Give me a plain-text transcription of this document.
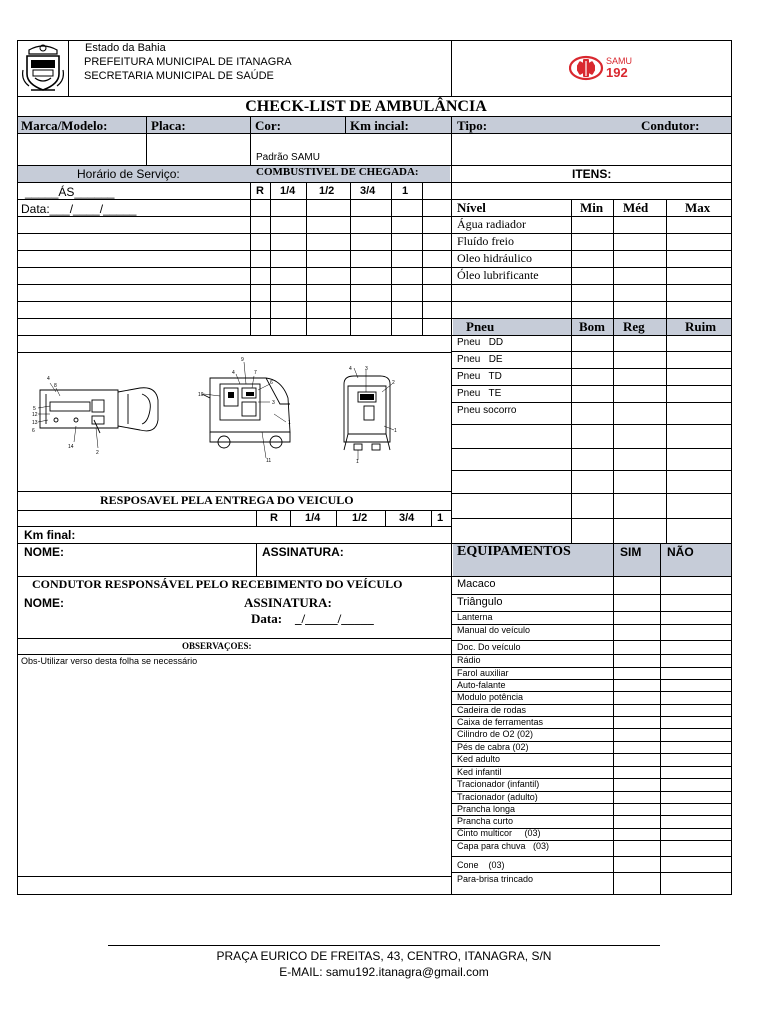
Estado da Bahia
PREFEITURA MUNICIPAL DE ITANAGRA
SECRETARIA MUNICIPAL DE SAÚDE
SAMU
192
CHECK-LIST DE AMBULÂNCIA
Marca/Modelo:	Placa:	Cor:	Km incial:	Tipo:	Condutor:
Padrão SAMU
Horário de Serviço:	COMBUSTIVEL DE CHEGADA:	ITENS:
_____ÁS______
Data:___/____/_____
R 1/4 1/2 3/4 1
Nível	Min Méd	Max
Água radiador
Fluído freio
Oleo hidráulico
Óleo lubrificante
Pneu	Bom Reg	Ruim
Pneu   DD
Pneu   DE
Pneu   TD
Pneu   TE
Pneu socorro
4
8
5
12
13
6
14
2
9
4	7
10
6
3
11
1
4	3
2
1
1
RESPOSAVEL PELA ENTREGA DO VEICULO
R 1/4	1/2	3/4 1
Km final:
NOME:	ASSINATURA:	EQUIPAMENTOS	SIM NÃO
CONDUTOR RESPONSÁVEL PELO RECEBIMENTO DO VEÍCULO
NOME:	ASSINATURA:
Data:    _/_____/_____
OBSERVAÇOES:
Obs-Utilizar verso desta folha se necessário
Macaco
Triângulo
Lanterna
Manual do veículo
Doc. Do veículo
Rádio
Farol auxiliar
Auto-falante
Modulo potência
Cadeira de rodas
Caixa de ferramentas
Cilindro de O2 (02)
Pés de cabra (02)
Ked adulto
Ked infantil
Tracionador (infantil)
Tracionador (adulto)
Prancha longa
Prancha curto
Cinto multicor     (03)
Capa para chuva   (03)
Cone    (03)
Para-brisa trincado
PRAÇA EURICO DE FREITAS, 43, CENTRO, ITANAGRA, S/N
E-MAIL: samu192.itanagra@gmail.com
